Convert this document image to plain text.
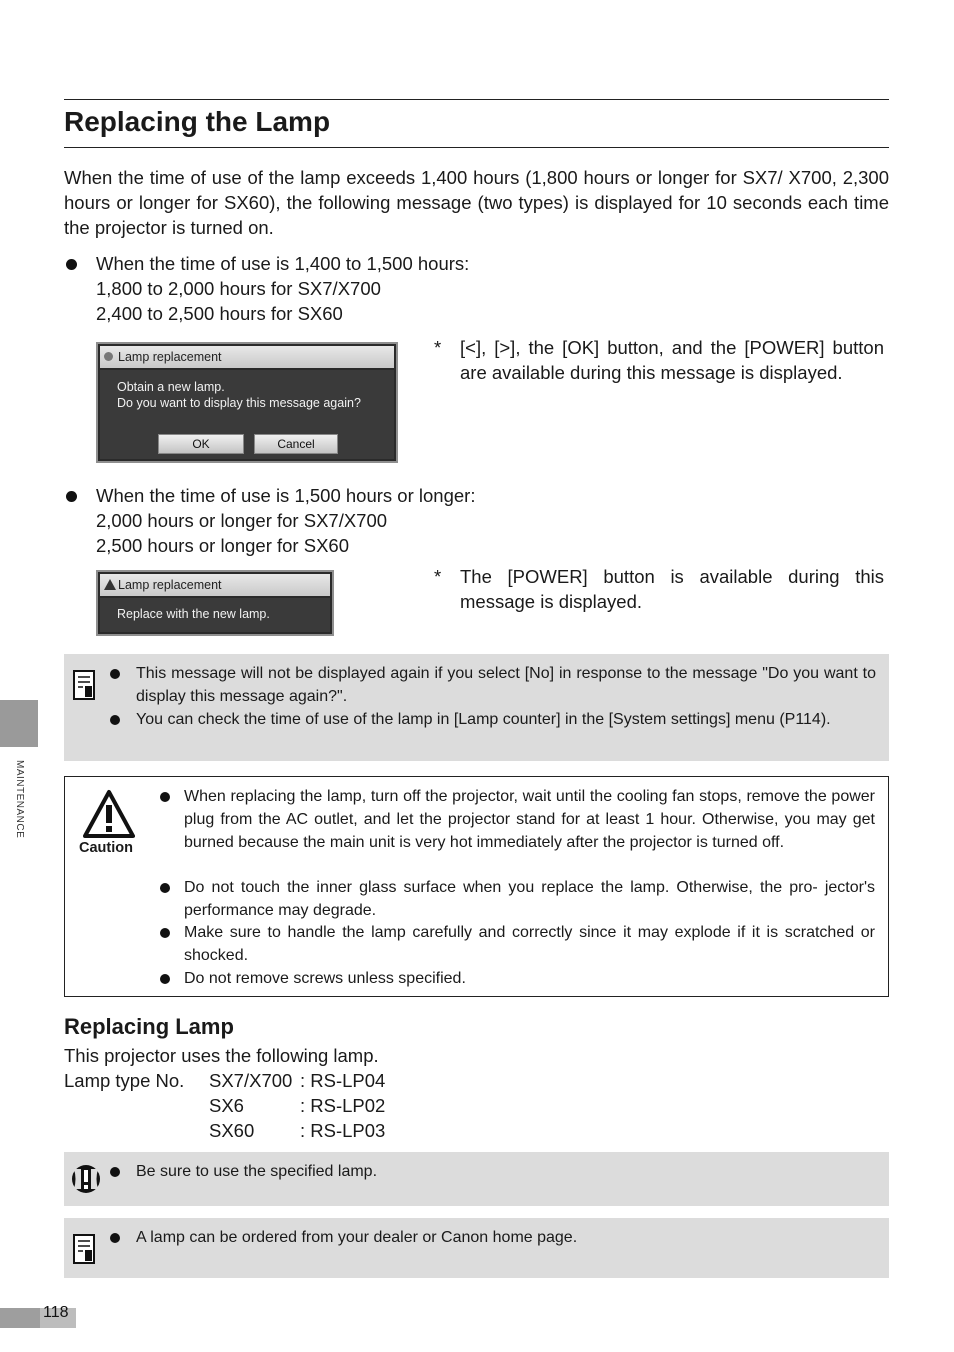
Replacing the Lamp

When the time of use of the lamp exceeds 1,400 hours (1,800 hours or longer for SX7/ X700, 2,300 hours or longer for SX60), the following message (two types) is displayed for 10 seconds each time the projector is turned on.

When the time of use is 1,400 to 1,500 hours:
1,800 to 2,000 hours for SX7/X700
2,400 to 2,500 hours for SX60
Lamp replacement
Obtain a new lamp.
Do you want to display this message again?
OK	Cancel
* [<], [>], the [OK] button, and the [POWER] button are available during this message is displayed.
When the time of use is 1,500 hours or longer:
2,000 hours or longer for SX7/X700
2,500 hours or longer for SX60
Lamp replacement
Replace with the new lamp.
* The [POWER] button is available during this message is displayed.
This message will not be displayed again if you select [No] in response to the message "Do you want to display this message again?".
You can check the time of use of the lamp in [Lamp counter] in the [System settings] menu (P114).
Caution
When replacing the lamp, turn off the projector, wait until the cooling fan stops, remove the power plug from the AC outlet, and let the projector stand for at least 1 hour. Otherwise, you may get burned because the main unit is very hot immediately after the projector is turned off.
Do not touch the inner glass surface when you replace the lamp. Otherwise, the pro- jector's performance may degrade.
Make sure to handle the lamp carefully and correctly since it may explode if it is scratched or shocked.
Do not remove screws unless specified.
Replacing Lamp
This projector uses the following lamp.
Lamp type No. SX7/X700 : RS-LP04
SX6	: RS-LP02
SX60 : RS-LP03
Be sure to use the specified lamp.
A lamp can be ordered from your dealer or Canon home page.
MAINTENANCE
118
